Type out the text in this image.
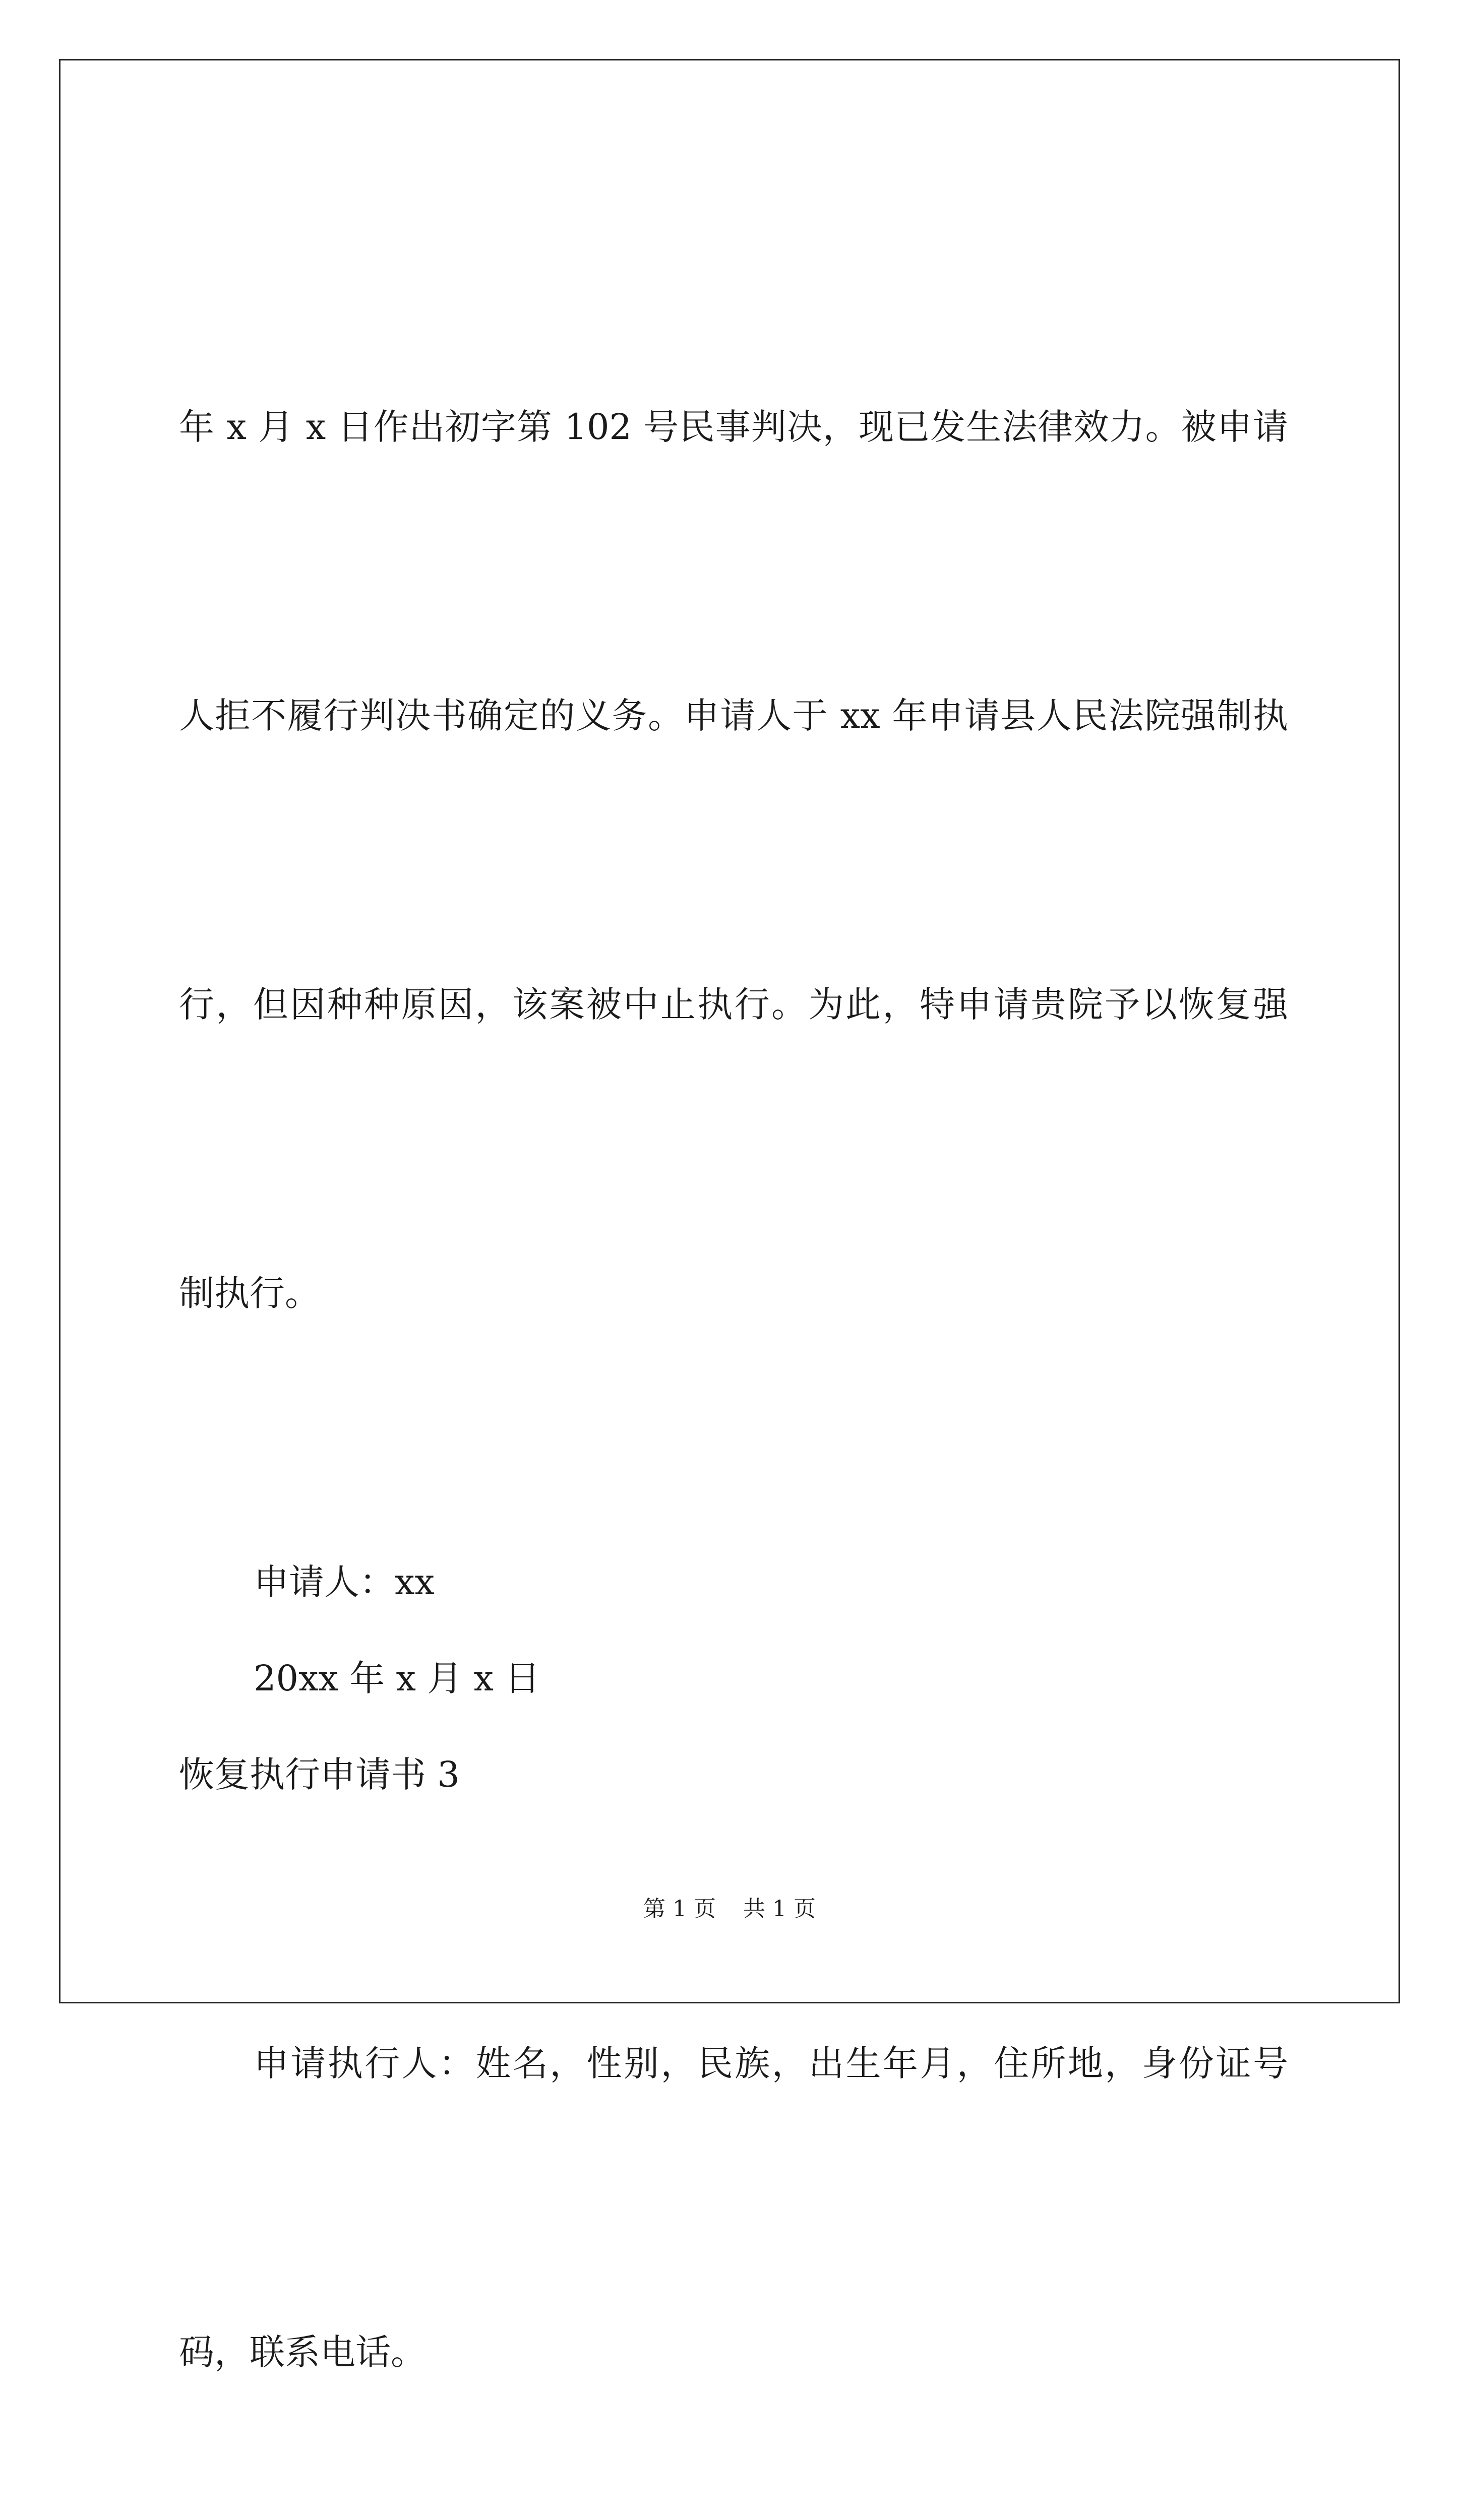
年 x 月 x 日作出初字第 102 号民事判决，现已发生法律效力。被申请

人拒不履行判决书确定的义务。申请人于 xx 年申请县人民法院强制执

行，但因种种原因，该案被中止执行。为此，特申请贵院予以恢复强

制执行。

申请人：xx
20xx 年 x 月 x 日
恢复执行申请书 3

申请执行人：姓名，性别，民族，出生年月，住所地，身份证号

码，联系电话。

第 1 页 共 1 页
